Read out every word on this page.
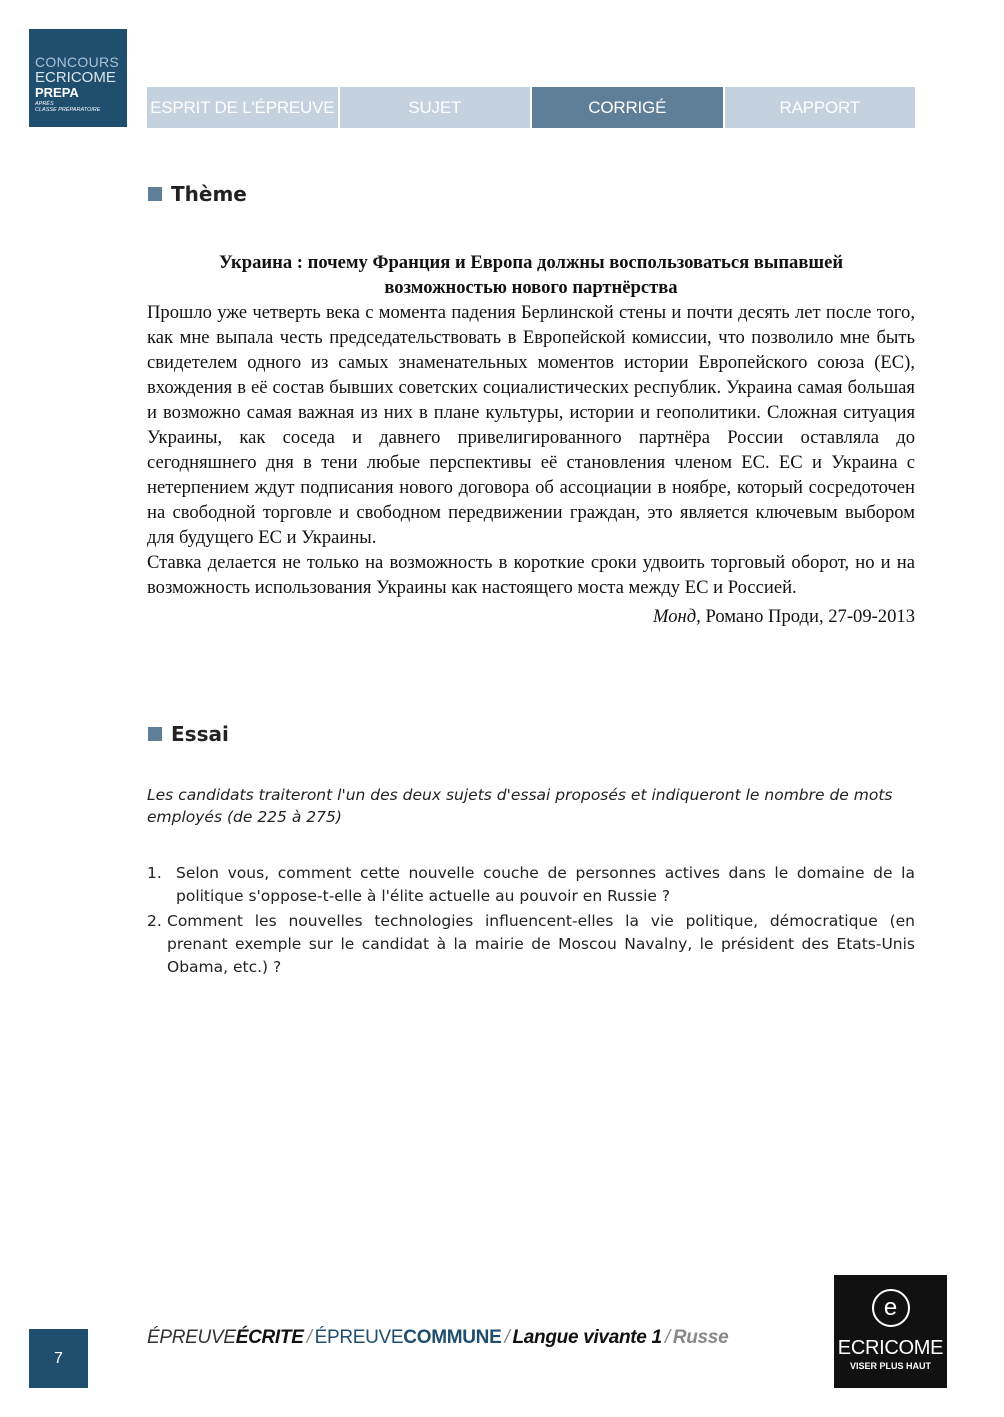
CONCOURS
ECRICOME
PREPA
APRÈS
CLASSE PRÉPARATOIRE	ESPRIT DE L'ÉPREUVE	SUJET	CORRIGÉ	RAPPORT
Thème
Украина : почему Франция и Европа должны воспользоваться выпавшей
возможностью нового партнёрства

Прошло уже четверть века с момента падения Берлинской стены и почти десять лет после того, как мне выпала честь председательствовать в Европейской комиссии, что позволило мне быть свидетелем одного из самых знаменательных моментов истории Европейского союза (ЕС), вхождения в её состав бывших советских социалистических республик. Украина самая большая и возможно самая важная из них в плане культуры, истории и геополитики. Сложная ситуация Украины, как соседа и давнего привелигированного партнёра России оставляла до сегодняшнего дня в тени любые перспективы её становления членом ЕС. ЕС и Украина с нетерпением ждут подписания нового договора об ассоциации в ноябре, который сосредоточен на свободной торговле и свободном передвижении граждан, это является ключевым выбором для будущего ЕС и Украины.

Ставка делается не только на возможность в короткие сроки удвоить торговый оборот, но и на возможность использования Украины как настоящего моста между ЕС и Россией.

Монд, Романо Проди, 27-09-2013
Essai
Les candidats traiteront l'un des deux sujets d'essai proposés et indiqueront le nombre de mots employés (de 225 à 275)
1. Selon vous, comment cette nouvelle couche de personnes actives dans le domaine de la politique s'oppose-t-elle à l'élite actuelle au pouvoir en Russie ?
2. Comment les nouvelles technologies influencent-elles la vie politique, démocratique (en prenant exemple sur le candidat à la mairie de Moscou Navalny, le président des Etats-Unis Obama, etc.) ?
7
ÉPREUVEÉCRITE / ÉPREUVECOMMUNE / Langue vivante 1 / Russe
e
ECRICOME
VISER PLUS HAUT
